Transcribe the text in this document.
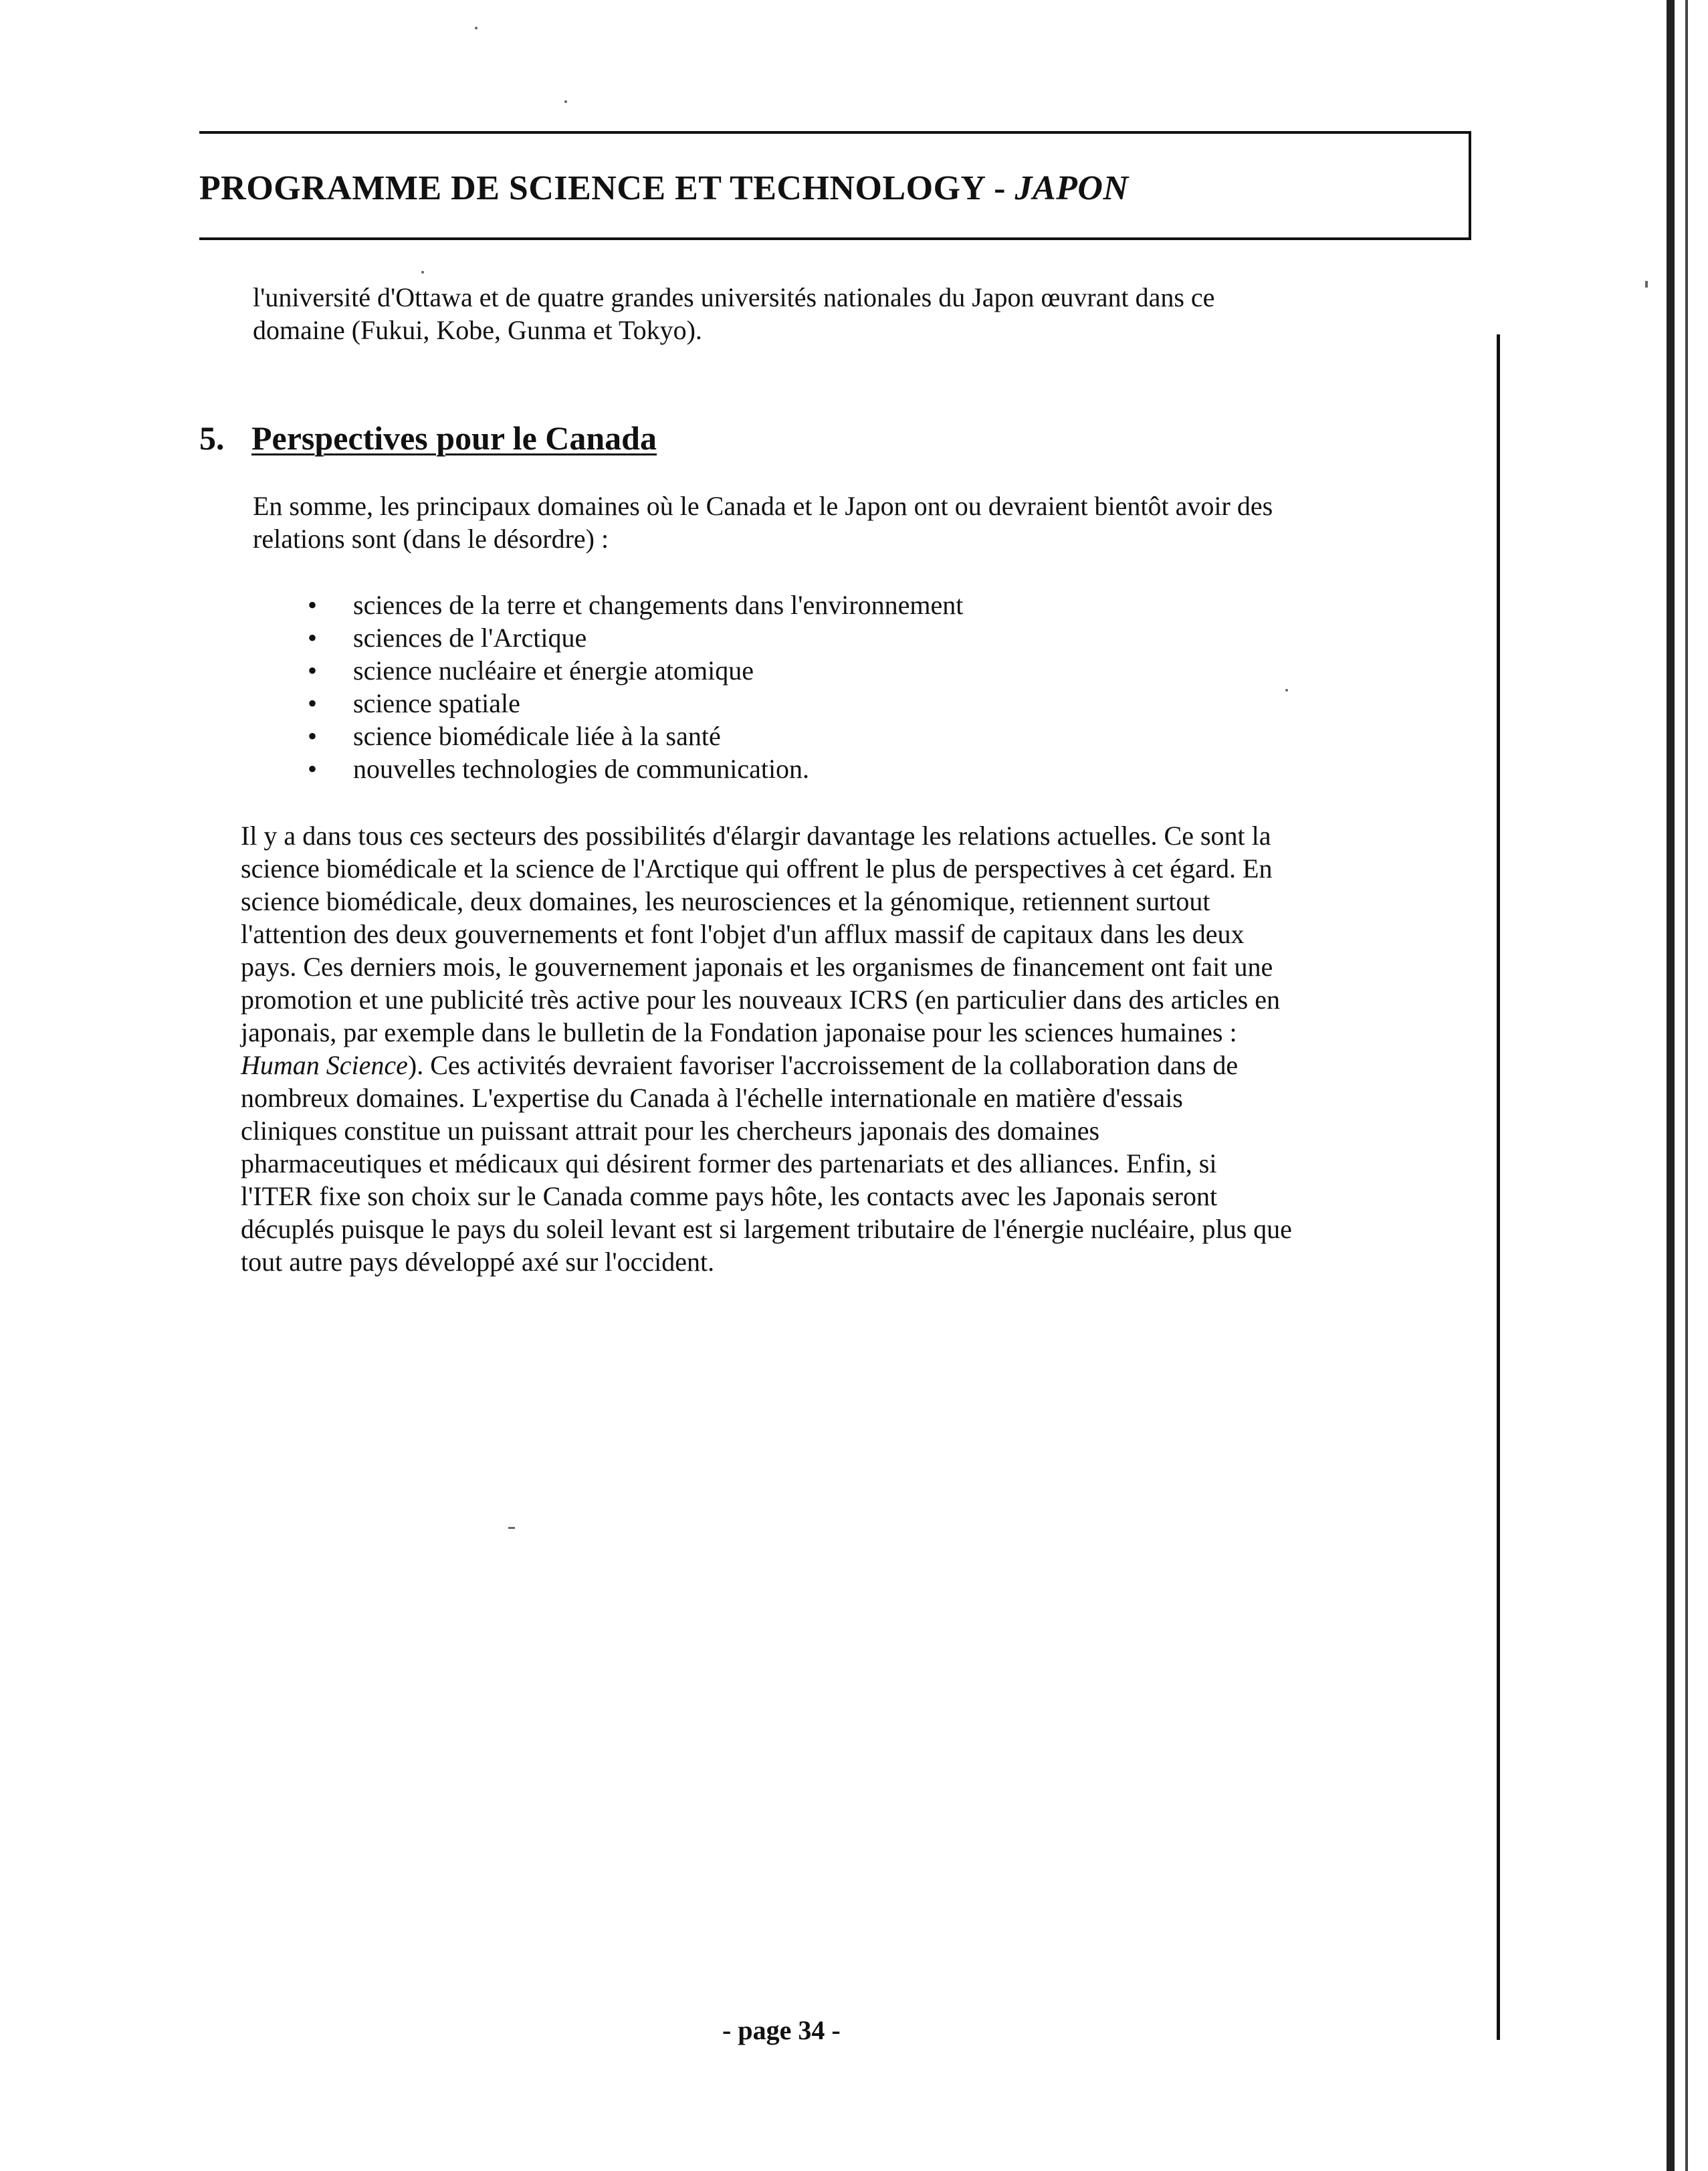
PROGRAMME DE SCIENCE ET TECHNOLOGY - JAPON
l'université d'Ottawa et de quatre grandes universités nationales du Japon œuvrant dans ce
domaine (Fukui, Kobe, Gunma et Tokyo).
5. Perspectives pour le Canada
En somme, les principaux domaines où le Canada et le Japon ont ou devraient bientôt avoir des
relations sont (dans le désordre) :
• sciences de la terre et changements dans l'environnement
• sciences de l'Arctique
• science nucléaire et énergie atomique
• science spatiale
• science biomédicale liée à la santé
• nouvelles technologies de communication.
Il y a dans tous ces secteurs des possibilités d'élargir davantage les relations actuelles. Ce sont la
science biomédicale et la science de l'Arctique qui offrent le plus de perspectives à cet égard. En
science biomédicale, deux domaines, les neurosciences et la génomique, retiennent surtout
l'attention des deux gouvernements et font l'objet d'un afflux massif de capitaux dans les deux
pays. Ces derniers mois, le gouvernement japonais et les organismes de financement ont fait une
promotion et une publicité très active pour les nouveaux ICRS (en particulier dans des articles en
japonais, par exemple dans le bulletin de la Fondation japonaise pour les sciences humaines :
Human Science). Ces activités devraient favoriser l'accroissement de la collaboration dans de
nombreux domaines. L'expertise du Canada à l'échelle internationale en matière d'essais
cliniques constitue un puissant attrait pour les chercheurs japonais des domaines
pharmaceutiques et médicaux qui désirent former des partenariats et des alliances. Enfin, si
l'ITER fixe son choix sur le Canada comme pays hôte, les contacts avec les Japonais seront
décuplés puisque le pays du soleil levant est si largement tributaire de l'énergie nucléaire, plus que
tout autre pays développé axé sur l'occident.
- page 34 -
